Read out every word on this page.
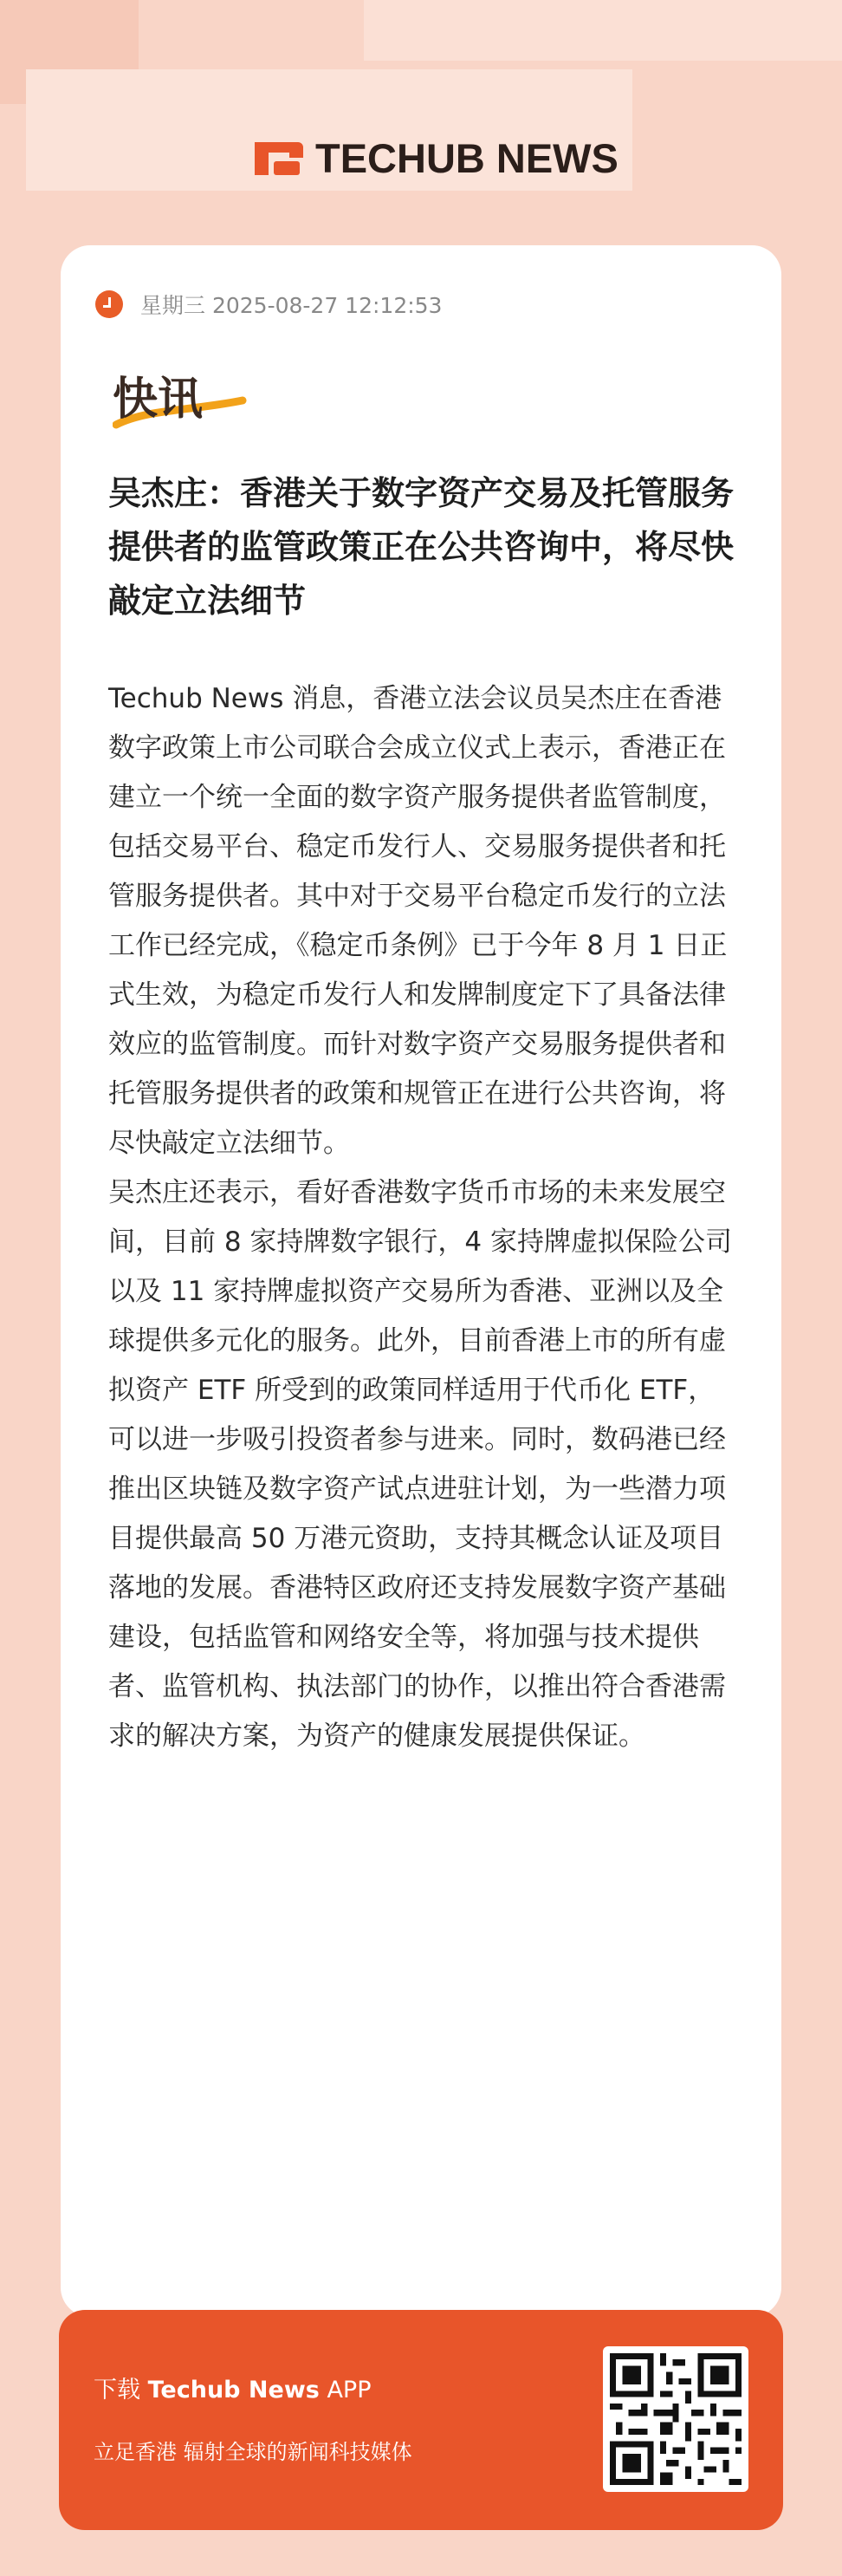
TECHUB NEWS
星期三 2025-08-27 12:12:53
快讯
吴杰庄：香港关于数字资产交易及托管服务提供者的监管政策正在公共咨询中，将尽快敲定立法细节

Techub News 消息，香港立法会议员吴杰庄在香港数字政策上市公司联合会成立仪式上表示，香港正在建立一个统一全面的数字资产服务提供者监管制度，包括交易平台、稳定币发行人、交易服务提供者和托管服务提供者。其中对于交易平台稳定币发行的立法工作已经完成，《稳定币条例》已于今年 8 月 1 日正式生效，为稳定币发行人和发牌制度定下了具备法律效应的监管制度。而针对数字资产交易服务提供者和托管服务提供者的政策和规管正在进行公共咨询，将尽快敲定立法细节。

吴杰庄还表示，看好香港数字货币市场的未来发展空间，目前 8 家持牌数字银行，4 家持牌虚拟保险公司以及 11 家持牌虚拟资产交易所为香港、亚洲以及全球提供多元化的服务。此外，目前香港上市的所有虚拟资产 ETF 所受到的政策同样适用于代币化 ETF，可以进一步吸引投资者参与进来。同时，数码港已经推出区块链及数字资产试点进驻计划，为一些潜力项目提供最高 50 万港元资助，支持其概念认证及项目落地的发展。香港特区政府还支持发展数字资产基础建设，包括监管和网络安全等，将加强与技术提供者、监管机构、执法部门的协作，以推出符合香港需求的解决方案，为资产的健康发展提供保证。

下载 Techub News APP
立足香港 辐射全球的新闻科技媒体
